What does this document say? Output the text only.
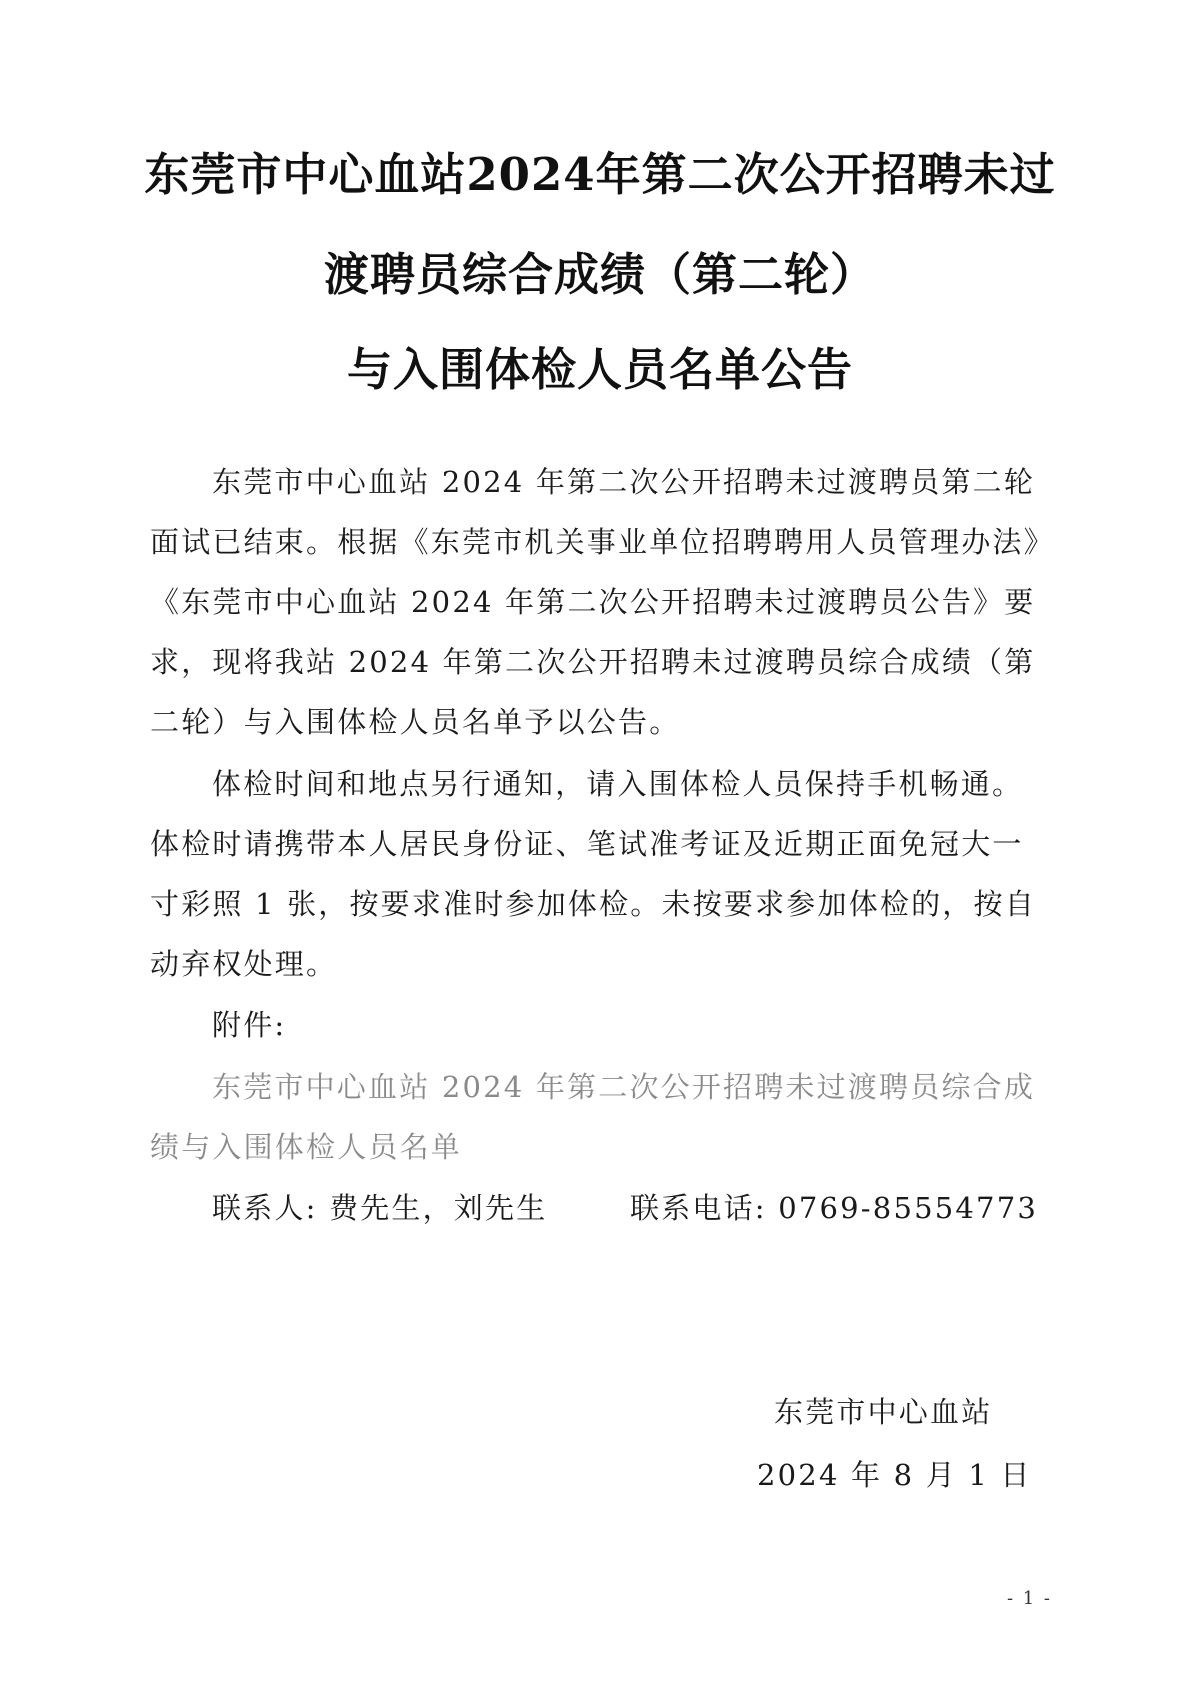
东莞市中心血站2024年第二次公开招聘未过
渡聘员综合成绩（第二轮）
与入围体检人员名单公告
东莞市中心血站 2024 年第二次公开招聘未过渡聘员第二轮
面试已结束。根据《东莞市机关事业单位招聘聘用人员管理办法》
《东莞市中心血站 2024 年第二次公开招聘未过渡聘员公告》要
求，现将我站 2024 年第二次公开招聘未过渡聘员综合成绩（第
二轮）与入围体检人员名单予以公告。
体检时间和地点另行通知，请入围体检人员保持手机畅通。
体检时请携带本人居民身份证、笔试准考证及近期正面免冠大一
寸彩照 1 张，按要求准时参加体检。未按要求参加体检的，按自
动弃权处理。
附件:
东莞市中心血站 2024 年第二次公开招聘未过渡聘员综合成
绩与入围体检人员名单
联系人: 费先生，刘先生	联系电话: 0769-85554773
东莞市中心血站
2024 年 8 月 1 日
- 1 -
